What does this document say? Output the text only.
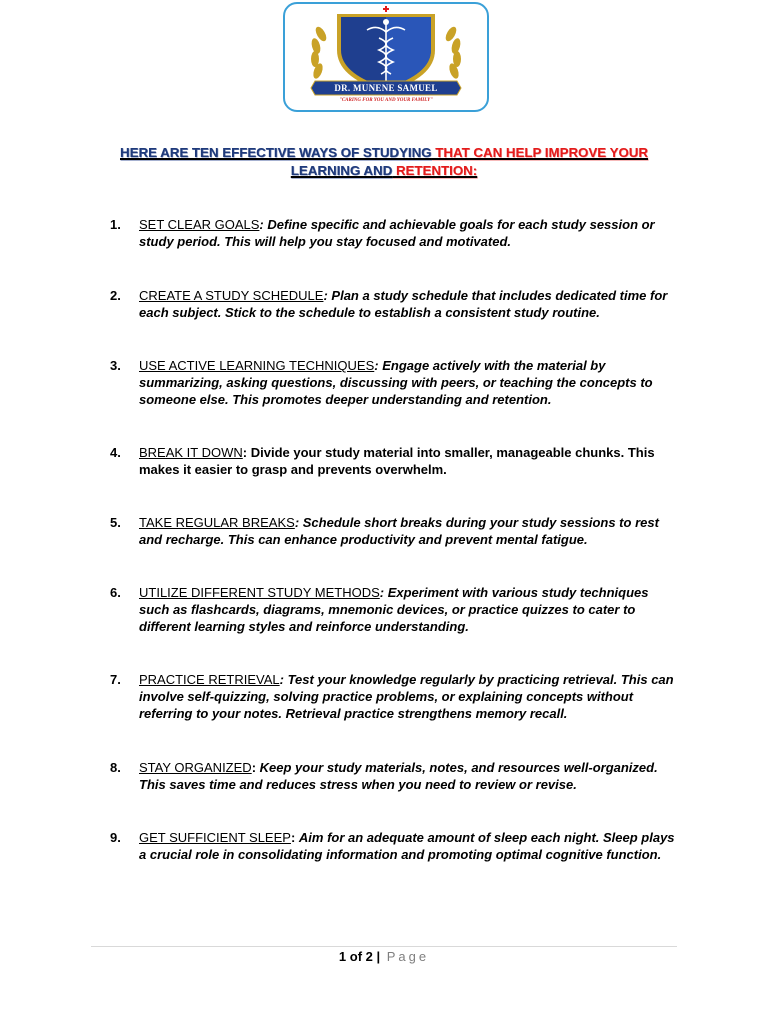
DR. MUNENE SAMUEL
"CARING FOR YOU AND YOUR FAMILY"
HERE ARE TEN EFFECTIVE WAYS OF STUDYING THAT CAN HELP IMPROVE YOUR
LEARNING AND RETENTION:
1. SET CLEAR GOALS: Define specific and achievable goals for each study session or study period. This will help you stay focused and motivated.
2. CREATE A STUDY SCHEDULE: Plan a study schedule that includes dedicated time for each subject. Stick to the schedule to establish a consistent study routine.
3. USE ACTIVE LEARNING TECHNIQUES: Engage actively with the material by summarizing, asking questions, discussing with peers, or teaching the concepts to someone else. This promotes deeper understanding and retention.
4. BREAK IT DOWN: Divide your study material into smaller, manageable chunks. This makes it easier to grasp and prevents overwhelm.
5. TAKE REGULAR BREAKS: Schedule short breaks during your study sessions to rest and recharge. This can enhance productivity and prevent mental fatigue.
6. UTILIZE DIFFERENT STUDY METHODS: Experiment with various study techniques such as flashcards, diagrams, mnemonic devices, or practice quizzes to cater to different learning styles and reinforce understanding.
7. PRACTICE RETRIEVAL: Test your knowledge regularly by practicing retrieval. This can involve self-quizzing, solving practice problems, or explaining concepts without referring to your notes. Retrieval practice strengthens memory recall.
8. STAY ORGANIZED: Keep your study materials, notes, and resources well-organized. This saves time and reduces stress when you need to review or revise.
9. GET SUFFICIENT SLEEP: Aim for an adequate amount of sleep each night. Sleep plays a crucial role in consolidating information and promoting optimal cognitive function.
1 of 2 | Page
